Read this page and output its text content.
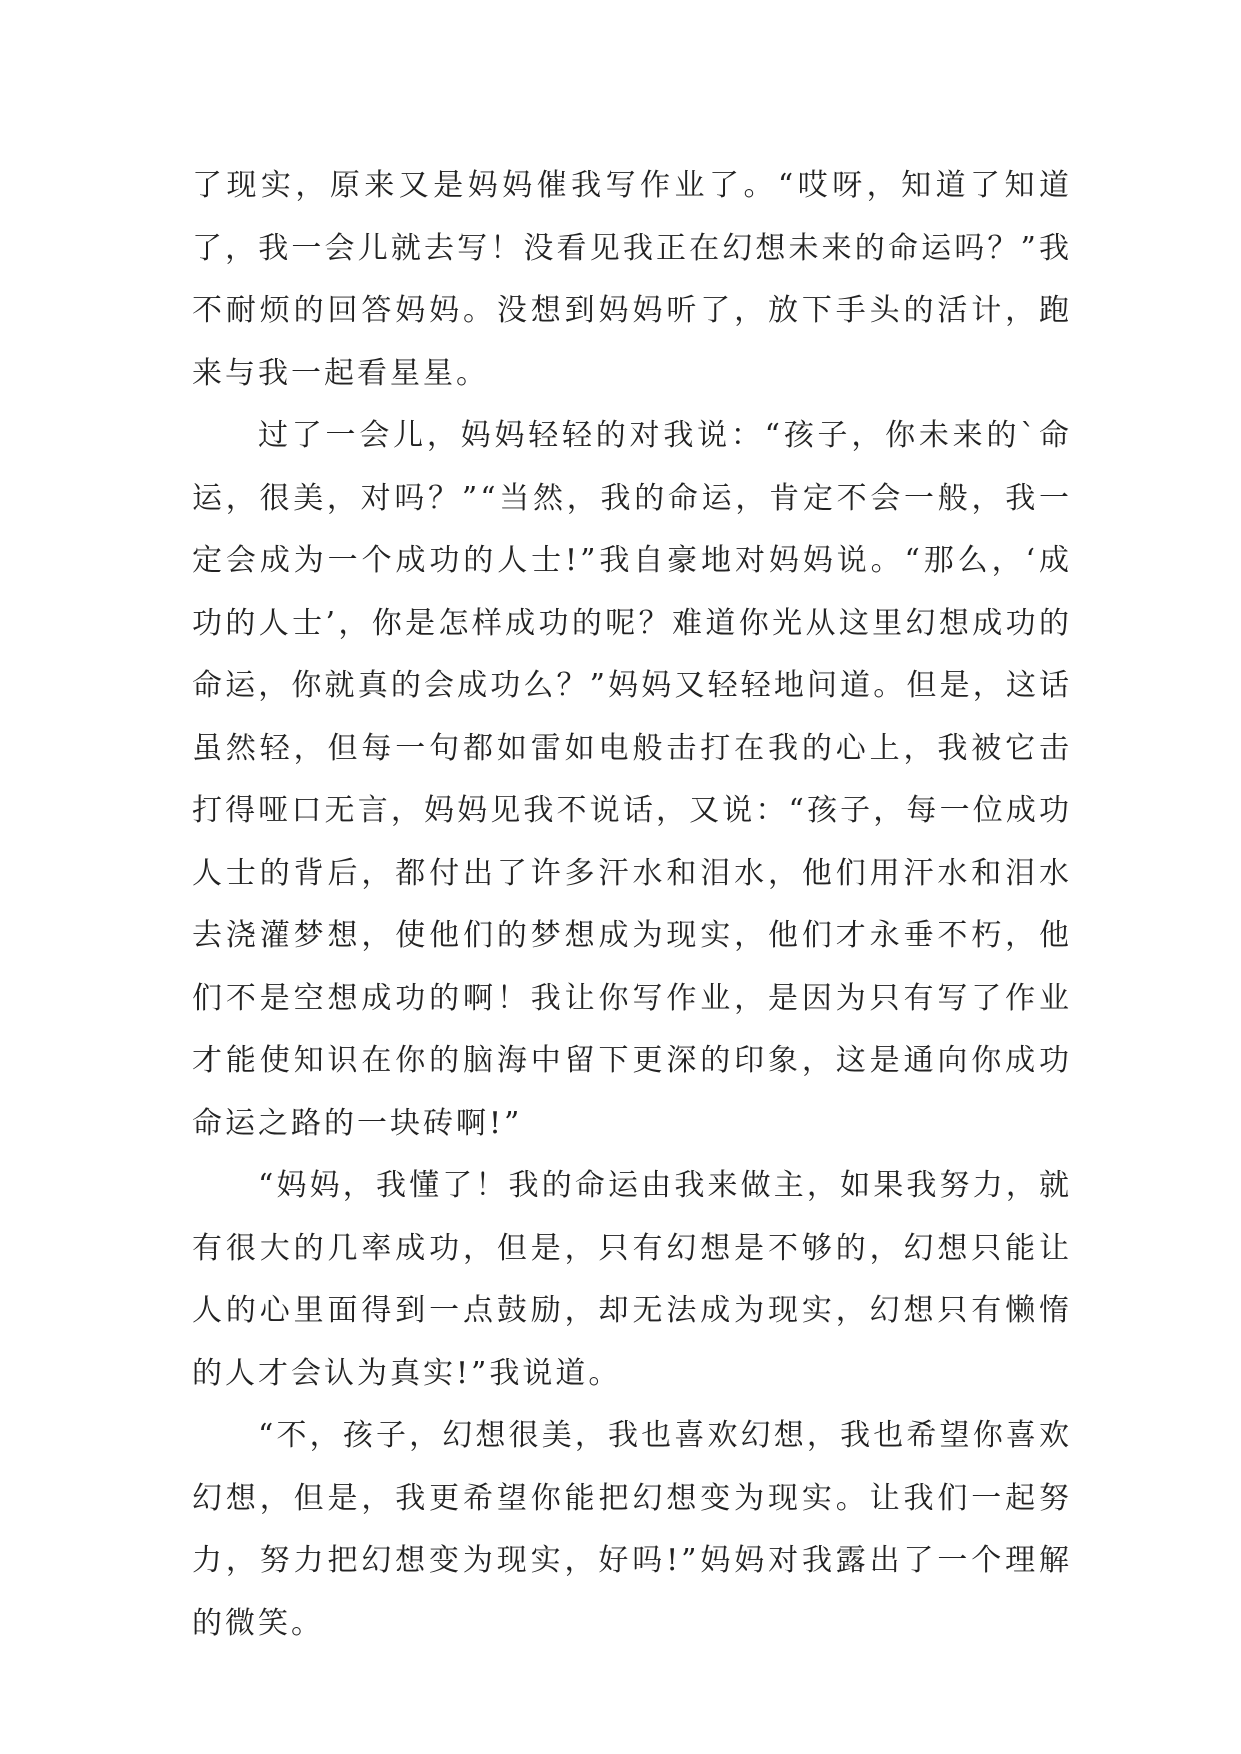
了现实，原来又是妈妈催我写作业了。“哎呀，知道了知道了，我一会儿就去写！没看见我正在幻想未来的命运吗？”我不耐烦的回答妈妈。没想到妈妈听了，放下手头的活计，跑来与我一起看星星。

过了一会儿，妈妈轻轻的对我说：“孩子，你未来的`命运，很美，对吗？”“当然，我的命运，肯定不会一般，我一定会成为一个成功的人士!”我自豪地对妈妈说。“那么，‘成功的人士’，你是怎样成功的呢？难道你光从这里幻想成功的命运，你就真的会成功么？”妈妈又轻轻地问道。但是，这话虽然轻，但每一句都如雷如电般击打在我的心上，我被它击打得哑口无言，妈妈见我不说话，又说：“孩子，每一位成功人士的背后，都付出了许多汗水和泪水，他们用汗水和泪水去浇灌梦想，使他们的梦想成为现实，他们才永垂不朽，他们不是空想成功的啊！我让你写作业，是因为只有写了作业才能使知识在你的脑海中留下更深的印象，这是通向你成功命运之路的一块砖啊!”

“妈妈，我懂了！我的命运由我来做主，如果我努力，就有很大的几率成功，但是，只有幻想是不够的，幻想只能让人的心里面得到一点鼓励，却无法成为现实，幻想只有懒惰的人才会认为真实!”我说道。

“不，孩子，幻想很美，我也喜欢幻想，我也希望你喜欢幻想，但是，我更希望你能把幻想变为现实。让我们一起努力，努力把幻想变为现实，好吗!”妈妈对我露出了一个理解的微笑。
